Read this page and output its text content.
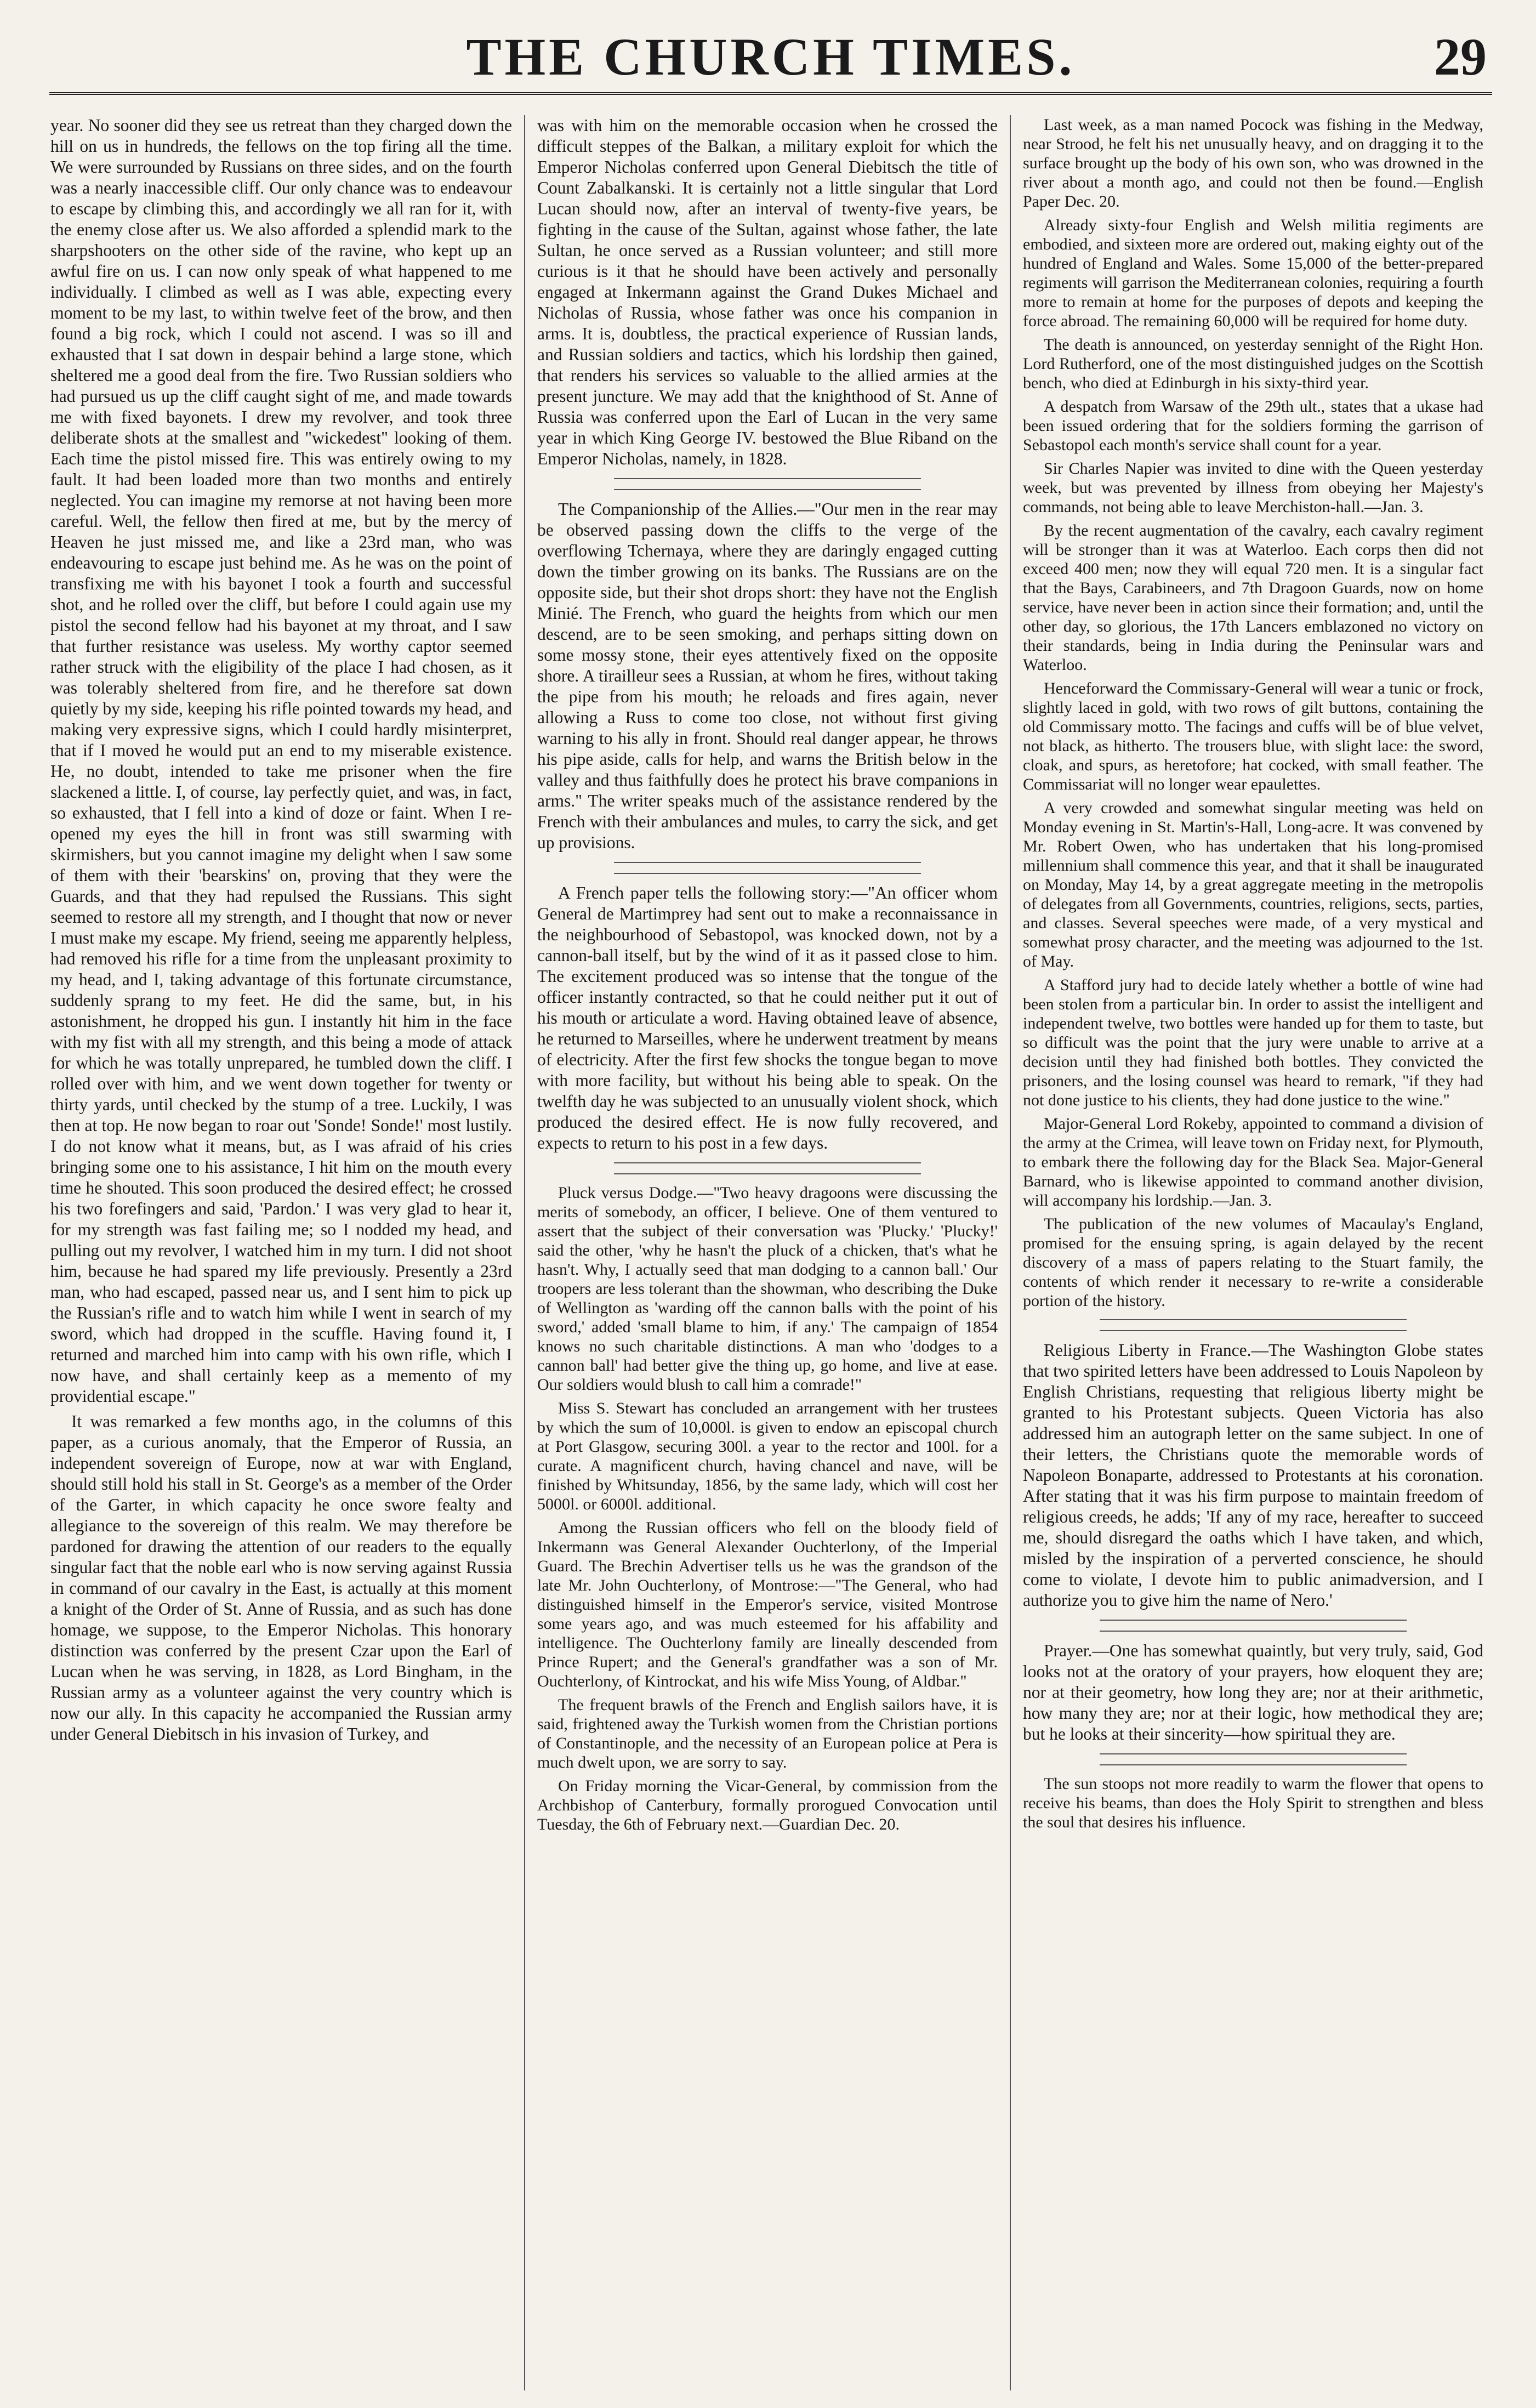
THE CHURCH TIMES.	29

year. No sooner did they see us retreat than they charged down the hill on us in hundreds, the fellows on the top firing all the time. We were surrounded by Russians on three sides, and on the fourth was a nearly inaccessible cliff. Our only chance was to endeavour to escape by climbing this, and accordingly we all ran for it, with the enemy close after us. We also afforded a splendid mark to the sharpshooters on the other side of the ravine, who kept up an awful fire on us. I can now only speak of what happened to me individually. I climbed as well as I was able, expecting every moment to be my last, to within twelve feet of the brow, and then found a big rock, which I could not ascend. I was so ill and exhausted that I sat down in despair behind a large stone, which sheltered me a good deal from the fire. Two Russian soldiers who had pursued us up the cliff caught sight of me, and made towards me with fixed bayonets. I drew my revolver, and took three deliberate shots at the smallest and "wickedest" looking of them. Each time the pistol missed fire. This was entirely owing to my fault. It had been loaded more than two months and entirely neglected. You can imagine my remorse at not having been more careful. Well, the fellow then fired at me, but by the mercy of Heaven he just missed me, and like a 23rd man, who was endeavouring to escape just behind me. As he was on the point of transfixing me with his bayonet I took a fourth and successful shot, and he rolled over the cliff, but before I could again use my pistol the second fellow had his bayonet at my throat, and I saw that further resistance was useless. My worthy captor seemed rather struck with the eligibility of the place I had chosen, as it was tolerably sheltered from fire, and he therefore sat down quietly by my side, keeping his rifle pointed towards my head, and making very expressive signs, which I could hardly misinterpret, that if I moved he would put an end to my miserable existence. He, no doubt, intended to take me prisoner when the fire slackened a little. I, of course, lay perfectly quiet, and was, in fact, so exhausted, that I fell into a kind of doze or faint. When I re-opened my eyes the hill in front was still swarming with skirmishers, but you cannot imagine my delight when I saw some of them with their 'bearskins' on, proving that they were the Guards, and that they had repulsed the Russians. This sight seemed to restore all my strength, and I thought that now or never I must make my escape. My friend, seeing me apparently helpless, had removed his rifle for a time from the unpleasant proximity to my head, and I, taking advantage of this fortunate circumstance, suddenly sprang to my feet. He did the same, but, in his astonishment, he dropped his gun. I instantly hit him in the face with my fist with all my strength, and this being a mode of attack for which he was totally unprepared, he tumbled down the cliff. I rolled over with him, and we went down together for twenty or thirty yards, until checked by the stump of a tree. Luckily, I was then at top. He now began to roar out 'Sonde! Sonde!' most lustily. I do not know what it means, but, as I was afraid of his cries bringing some one to his assistance, I hit him on the mouth every time he shouted. This soon produced the desired effect; he crossed his two forefingers and said, 'Pardon.' I was very glad to hear it, for my strength was fast failing me; so I nodded my head, and pulling out my revolver, I watched him in my turn. I did not shoot him, because he had spared my life previously. Presently a 23rd man, who had escaped, passed near us, and I sent him to pick up the Russian's rifle and to watch him while I went in search of my sword, which had dropped in the scuffle. Having found it, I returned and marched him into camp with his own rifle, which I now have, and shall certainly keep as a memento of my providential escape."

It was remarked a few months ago, in the columns of this paper, as a curious anomaly, that the Emperor of Russia, an independent sovereign of Europe, now at war with England, should still hold his stall in St. George's as a member of the Order of the Garter, in which capacity he once swore fealty and allegiance to the sovereign of this realm. We may therefore be pardoned for drawing the attention of our readers to the equally singular fact that the noble earl who is now serving against Russia in command of our cavalry in the East, is actually at this moment a knight of the Order of St. Anne of Russia, and as such has done homage, we suppose, to the Emperor Nicholas. This honorary distinction was conferred by the present Czar upon the Earl of Lucan when he was serving, in 1828, as Lord Bingham, in the Russian army as a volunteer against the very country which is now our ally. In this capacity he accompanied the Russian army under General Diebitsch in his invasion of Turkey, and

was with him on the memorable occasion when he crossed the difficult steppes of the Balkan, a military exploit for which the Emperor Nicholas conferred upon General Diebitsch the title of Count Zabalkanski. It is certainly not a little singular that Lord Lucan should now, after an interval of twenty-five years, be fighting in the cause of the Sultan, against whose father, the late Sultan, he once served as a Russian volunteer; and still more curious is it that he should have been actively and personally engaged at Inkermann against the Grand Dukes Michael and Nicholas of Russia, whose father was once his companion in arms. It is, doubtless, the practical experience of Russian lands, and Russian soldiers and tactics, which his lordship then gained, that renders his services so valuable to the allied armies at the present juncture. We may add that the knighthood of St. Anne of Russia was conferred upon the Earl of Lucan in the very same year in which King George IV. bestowed the Blue Riband on the Emperor Nicholas, namely, in 1828.

The Companionship of the Allies.—"Our men in the rear may be observed passing down the cliffs to the verge of the overflowing Tchernaya, where they are daringly engaged cutting down the timber growing on its banks. The Russians are on the opposite side, but their shot drops short: they have not the English Minié. The French, who guard the heights from which our men descend, are to be seen smoking, and perhaps sitting down on some mossy stone, their eyes attentively fixed on the opposite shore. A tirailleur sees a Russian, at whom he fires, without taking the pipe from his mouth; he reloads and fires again, never allowing a Russ to come too close, not without first giving warning to his ally in front. Should real danger appear, he throws his pipe aside, calls for help, and warns the British below in the valley and thus faithfully does he protect his brave companions in arms." The writer speaks much of the assistance rendered by the French with their ambulances and mules, to carry the sick, and get up provisions.

A French paper tells the following story:—"An officer whom General de Martimprey had sent out to make a reconnaissance in the neighbourhood of Sebastopol, was knocked down, not by a cannon-ball itself, but by the wind of it as it passed close to him. The excitement produced was so intense that the tongue of the officer instantly contracted, so that he could neither put it out of his mouth or articulate a word. Having obtained leave of absence, he returned to Marseilles, where he underwent treatment by means of electricity. After the first few shocks the tongue began to move with more facility, but without his being able to speak. On the twelfth day he was subjected to an unusually violent shock, which produced the desired effect. He is now fully recovered, and expects to return to his post in a few days.

Pluck versus Dodge.—"Two heavy dragoons were discussing the merits of somebody, an officer, I believe. One of them ventured to assert that the subject of their conversation was 'Plucky.' 'Plucky!' said the other, 'why he hasn't the pluck of a chicken, that's what he hasn't. Why, I actually seed that man dodging to a cannon ball.' Our troopers are less tolerant than the showman, who describing the Duke of Wellington as 'warding off the cannon balls with the point of his sword,' added 'small blame to him, if any.' The campaign of 1854 knows no such charitable distinctions. A man who 'dodges to a cannon ball' had better give the thing up, go home, and live at ease. Our soldiers would blush to call him a comrade!"

Miss S. Stewart has concluded an arrangement with her trustees by which the sum of 10,000l. is given to endow an episcopal church at Port Glasgow, securing 300l. a year to the rector and 100l. for a curate. A magnificent church, having chancel and nave, will be finished by Whitsunday, 1856, by the same lady, which will cost her 5000l. or 6000l. additional.

Among the Russian officers who fell on the bloody field of Inkermann was General Alexander Ouchterlony, of the Imperial Guard. The Brechin Advertiser tells us he was the grandson of the late Mr. John Ouchterlony, of Montrose:—"The General, who had distinguished himself in the Emperor's service, visited Montrose some years ago, and was much esteemed for his affability and intelligence. The Ouchterlony family are lineally descended from Prince Rupert; and the General's grandfather was a son of Mr. Ouchterlony, of Kintrockat, and his wife Miss Young, of Aldbar."

The frequent brawls of the French and English sailors have, it is said, frightened away the Turkish women from the Christian portions of Constantinople, and the necessity of an European police at Pera is much dwelt upon, we are sorry to say.

On Friday morning the Vicar-General, by commission from the Archbishop of Canterbury, formally prorogued Convocation until Tuesday, the 6th of February next.—Guardian Dec. 20.

Last week, as a man named Pocock was fishing in the Medway, near Strood, he felt his net unusually heavy, and on dragging it to the surface brought up the body of his own son, who was drowned in the river about a month ago, and could not then be found.—English Paper Dec. 20.

Already sixty-four English and Welsh militia regiments are embodied, and sixteen more are ordered out, making eighty out of the hundred of England and Wales. Some 15,000 of the better-prepared regiments will garrison the Mediterranean colonies, requiring a fourth more to remain at home for the purposes of depots and keeping the force abroad. The remaining 60,000 will be required for home duty.

The death is announced, on yesterday sennight of the Right Hon. Lord Rutherford, one of the most distinguished judges on the Scottish bench, who died at Edinburgh in his sixty-third year.

A despatch from Warsaw of the 29th ult., states that a ukase had been issued ordering that for the soldiers forming the garrison of Sebastopol each month's service shall count for a year.

Sir Charles Napier was invited to dine with the Queen yesterday week, but was prevented by illness from obeying her Majesty's commands, not being able to leave Merchiston-hall.—Jan. 3.

By the recent augmentation of the cavalry, each cavalry regiment will be stronger than it was at Waterloo. Each corps then did not exceed 400 men; now they will equal 720 men. It is a singular fact that the Bays, Carabineers, and 7th Dragoon Guards, now on home service, have never been in action since their formation; and, until the other day, so glorious, the 17th Lancers emblazoned no victory on their standards, being in India during the Peninsular wars and Waterloo.

Henceforward the Commissary-General will wear a tunic or frock, slightly laced in gold, with two rows of gilt buttons, containing the old Commissary motto. The facings and cuffs will be of blue velvet, not black, as hitherto. The trousers blue, with slight lace: the sword, cloak, and spurs, as heretofore; hat cocked, with small feather. The Commissariat will no longer wear epaulettes.

A very crowded and somewhat singular meeting was held on Monday evening in St. Martin's-Hall, Long-acre. It was convened by Mr. Robert Owen, who has undertaken that his long-promised millennium shall commence this year, and that it shall be inaugurated on Monday, May 14, by a great aggregate meeting in the metropolis of delegates from all Governments, countries, religions, sects, parties, and classes. Several speeches were made, of a very mystical and somewhat prosy character, and the meeting was adjourned to the 1st. of May.

A Stafford jury had to decide lately whether a bottle of wine had been stolen from a particular bin. In order to assist the intelligent and independent twelve, two bottles were handed up for them to taste, but so difficult was the point that the jury were unable to arrive at a decision until they had finished both bottles. They convicted the prisoners, and the losing counsel was heard to remark, "if they had not done justice to his clients, they had done justice to the wine."

Major-General Lord Rokeby, appointed to command a division of the army at the Crimea, will leave town on Friday next, for Plymouth, to embark there the following day for the Black Sea. Major-General Barnard, who is likewise appointed to command another division, will accompany his lordship.—Jan. 3.

The publication of the new volumes of Macaulay's England, promised for the ensuing spring, is again delayed by the recent discovery of a mass of papers relating to the Stuart family, the contents of which render it necessary to re-write a considerable portion of the history.

Religious Liberty in France.—The Washington Globe states that two spirited letters have been addressed to Louis Napoleon by English Christians, requesting that religious liberty might be granted to his Protestant subjects. Queen Victoria has also addressed him an autograph letter on the same subject. In one of their letters, the Christians quote the memorable words of Napoleon Bonaparte, addressed to Protestants at his coronation. After stating that it was his firm purpose to maintain freedom of religious creeds, he adds; 'If any of my race, hereafter to succeed me, should disregard the oaths which I have taken, and which, misled by the inspiration of a perverted conscience, he should come to violate, I devote him to public animadversion, and I authorize you to give him the name of Nero.'

Prayer.—One has somewhat quaintly, but very truly, said, God looks not at the oratory of your prayers, how eloquent they are; nor at their geometry, how long they are; nor at their arithmetic, how many they are; nor at their logic, how methodical they are; but he looks at their sincerity—how spiritual they are.

The sun stoops not more readily to warm the flower that opens to receive his beams, than does the Holy Spirit to strengthen and bless the soul that desires his influence.
